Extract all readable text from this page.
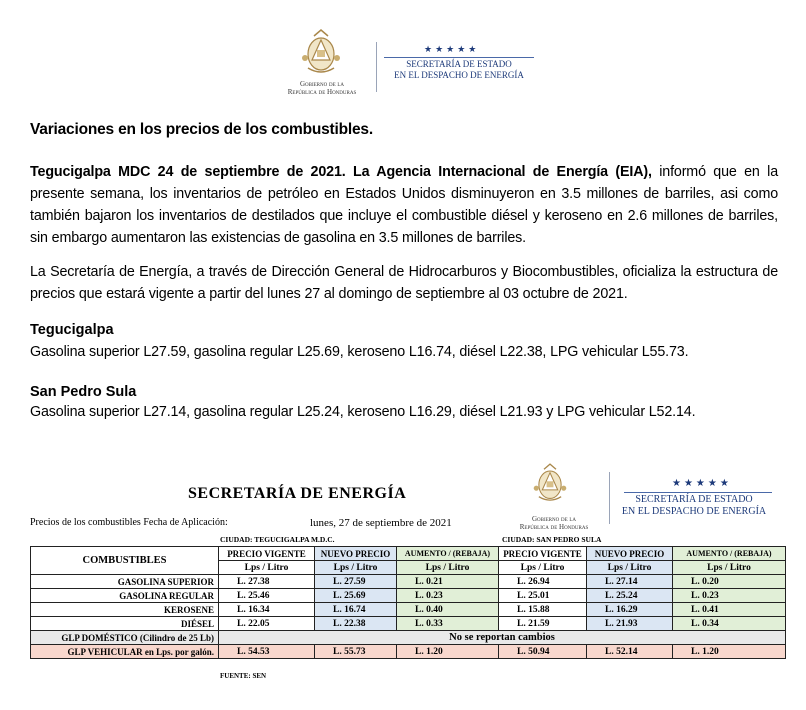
Gobierno de la
República de Honduras
★★★★★
SECRETARÍA DE ESTADO
EN EL DESPACHO DE ENERGÍA
Variaciones en los precios de los combustibles.
Tegucigalpa MDC 24 de septiembre de 2021. La Agencia Internacional de Energía (EIA), informó que en la presente semana, los inventarios de petróleo en Estados Unidos disminuyeron en 3.5 millones de barriles, asi como también bajaron los inventarios de destilados que incluye el combustible diésel y keroseno en 2.6 millones de barriles, sin embargo aumentaron las existencias de gasolina en 3.5 millones de barriles.
La Secretaría de Energía, a través de Dirección General de Hidrocarburos y Biocombustibles, oficializa la estructura de precios que estará vigente a partir del lunes 27 al domingo de septiembre al 03 octubre de 2021.
Tegucigalpa
Gasolina superior L27.59, gasolina regular L25.69, keroseno L16.74, diésel L22.38, LPG vehicular L55.73.
San Pedro Sula
Gasolina superior L27.14, gasolina regular L25.24, keroseno L16.29, diésel L21.93 y LPG vehicular L52.14.
SECRETARÍA DE ENERGÍA
Gobierno de la
República de Honduras
★★★★★
SECRETARÍA DE ESTADO
EN EL DESPACHO DE ENERGÍA
Precios de los combustibles Fecha de Aplicación:	lunes, 27 de septiembre de 2021
CIUDAD: TEGUCIGALPA M.D.C.	CIUDAD: SAN PEDRO SULA
COMBUSTIBLES	PRECIO VIGENTE	NUEVO PRECIO	AUMENTO / (REBAJA)	PRECIO VIGENTE	NUEVO PRECIO	AUMENTO / (REBAJA)
	Lps / Litro	Lps / Litro	Lps / Litro	Lps / Litro	Lps / Litro	Lps / Litro
GASOLINA SUPERIOR	L. 27.38	L. 27.59	L. 0.21	L. 26.94	L. 27.14	L. 0.20
GASOLINA REGULAR	L. 25.46	L. 25.69	L. 0.23	L. 25.01	L. 25.24	L. 0.23
KEROSENE	L. 16.34	L. 16.74	L. 0.40	L. 15.88	L. 16.29	L. 0.41
DIÉSEL	L. 22.05	L. 22.38	L. 0.33	L. 21.59	L. 21.93	L. 0.34
GLP DOMÉSTICO (Cilindro de 25 Lb)	No se reportan cambios					
GLP VEHICULAR en Lps. por galón.	L. 54.53	L. 55.73	L. 1.20	L. 50.94	L. 52.14	L. 1.20
FUENTE: SEN
